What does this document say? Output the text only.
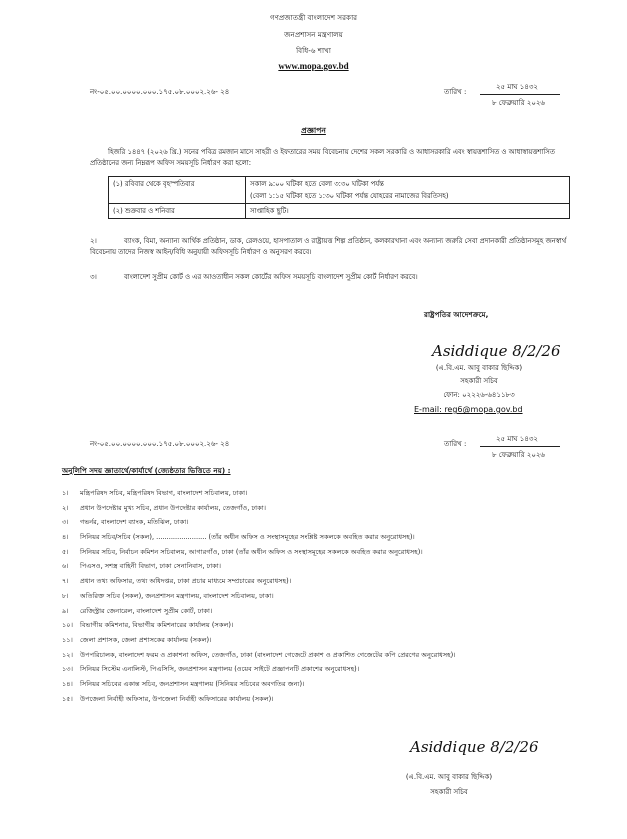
গণপ্রজাতন্ত্রী বাংলাদেশ সরকার
জনপ্রশাসন মন্ত্রণালয়
বিধি-৬ শাখা
www.mopa.gov.bd
নং-০৫.০০.০০০০.০০০.১৭৫.০৮.০০০২.২৬- ২৪	তারিখ :
২৫ মাঘ ১৪৩২
৮ ফেব্রুয়ারি ২০২৬
প্রজ্ঞাপন
হিজরি ১৪৪৭ (২০২৬ খ্রি.) সনের পবিত্র রমজান মাসে সাহরী ও ইফতারের সময় বিবেচনায় দেশের সকল সরকারি ও আধাসরকারি এবং স্বায়ত্তশাসিত ও আধাস্বায়ত্তশাসিত প্রতিষ্ঠানের জন্য নিম্নরূপ অফিস সময়সূচি নির্ধারণ করা হলো:
(১) রবিবার থেকে বৃহস্পতিবার	সকাল ৯:০০ ঘটিকা হতে বেলা ৩:৩০ ঘটিকা পর্যন্ত
(বেলা ১:১৫ ঘটিকা হতে ১:৩০ ঘটিকা পর্যন্ত যোহরের নামাজের বিরতিসহ)

(২) শুক্রবার ও শনিবার	সাপ্তাহিক ছুটি।
২।	ব্যাংক, বিমা, অন্যান্য আর্থিক প্রতিষ্ঠান, ডাক, রেলওয়ে, হাসপাতাল ও রাষ্ট্রায়ত্ত শিল্প প্রতিষ্ঠান, কলকারখানা এবং অন্যান্য জরুরি সেবা প্রদানকারী প্রতিষ্ঠানসমূহ জনস্বার্থ বিবেচনায় তাদের নিজস্ব আইন/বিধি অনুযায়ী অফিসসূচি নির্ধারণ ও অনুসরণ করবে।
৩।	বাংলাদেশ সুপ্রীম কোর্ট ও এর আওতাধীন সকল কোর্টের অফিস সময়সূচি বাংলাদেশ সুপ্রীম কোর্ট নির্ধারণ করবে।
রাষ্ট্রপতির আদেশক্রমে,
Asiddique 8/2/26
(এ.বি.এম. আবু বাকার ছিদ্দিক)
সহকারী সচিব
ফোন: ০২২২৬-৬৪১১৮৩
E-mail: reg6@mopa.gov.bd
নং-০৫.০০.০০০০.০০০.১৭৫.০৮.০০০২.২৬- ২৪	তারিখ :
২৫ মাঘ ১৪৩২
৮ ফেব্রুয়ারি ২০২৬
অনুলিপি সদয় জ্ঞাতার্থে/কার্যার্থে (জ্যেষ্ঠতার ভিত্তিতে নয়) :
১। মন্ত্রিপরিষদ সচিব, মন্ত্রিপরিষদ বিভাগ, বাংলাদেশ সচিবালয়, ঢাকা।
২। প্রধান উপদেষ্টার মুখ্য সচিব, প্রধান উপদেষ্টার কার্যালয়, তেজগাঁও, ঢাকা।
৩। গভর্নর, বাংলাদেশ ব্যাংক, মতিঝিল, ঢাকা।
৪।	সিনিয়র সচিব/সচিব (সকল), ........................ (তাঁর অধীন অফিস ও সংস্থাসমূহের সংশ্লিষ্ট সকলকে অবহিত করার অনুরোধসহ)।
৫।	সিনিয়র সচিব, নির্বাচন কমিশন সচিবালয়, আগারগাঁও, ঢাকা (তাঁর অধীন অফিস ও সংস্থাসমূহের সকলকে অবহিত করার অনুরোধসহ)।
৬। পিএসও, সশস্ত্র বাহিনী বিভাগ, ঢাকা সেনানিবাস, ঢাকা।
৭। প্রধান তথ্য অফিসার, তথ্য অধিদপ্তর, ঢাকা প্রচার মাধ্যমে সম্প্রচারের অনুরোধসহ)।
৮। অতিরিক্ত সচিব (সকল), জনপ্রশাসন মন্ত্রণালয়, বাংলাদেশ সচিবালয়, ঢাকা।
৯। রেজিস্ট্রার জেনারেল, বাংলাদেশ সুপ্রীম কোর্ট, ঢাকা।
১০। বিভাগীয় কমিশনার, বিভাগীয় কমিশনারের কার্যালয় (সকল)।
১১। জেলা প্রশাসক, জেলা প্রশাসকের কার্যালয় (সকল)।
১২।	উপপরিচালক, বাংলাদেশ ফরম ও প্রকাশনা অফিস, তেজগাঁও, ঢাকা (বাংলাদেশ গেজেটে প্রকাশ ও প্রকাশিত গেজেটের কপি প্রেরণের অনুরোধসহ)।
১৩। সিনিয়র সিস্টেম এনালিস্ট, পিএসিসি, জনপ্রশাসন মন্ত্রণালয় (ওয়েব সাইটে প্রজ্ঞাপনটি প্রকাশের অনুরোধসহ)।
১৪। সিনিয়র সচিবের একান্ত সচিব, জনপ্রশাসন মন্ত্রণালয় (সিনিয়র সচিবের অবগতির জন্য)।
১৫। উপজেলা নির্বাহী অফিসার, উপজেলা নির্বাহী অফিসারের কার্যালয় (সকল)।
Asiddique 8/2/26
(এ.বি.এম. আবু বাকার ছিদ্দিক)
সহকারী সচিব
